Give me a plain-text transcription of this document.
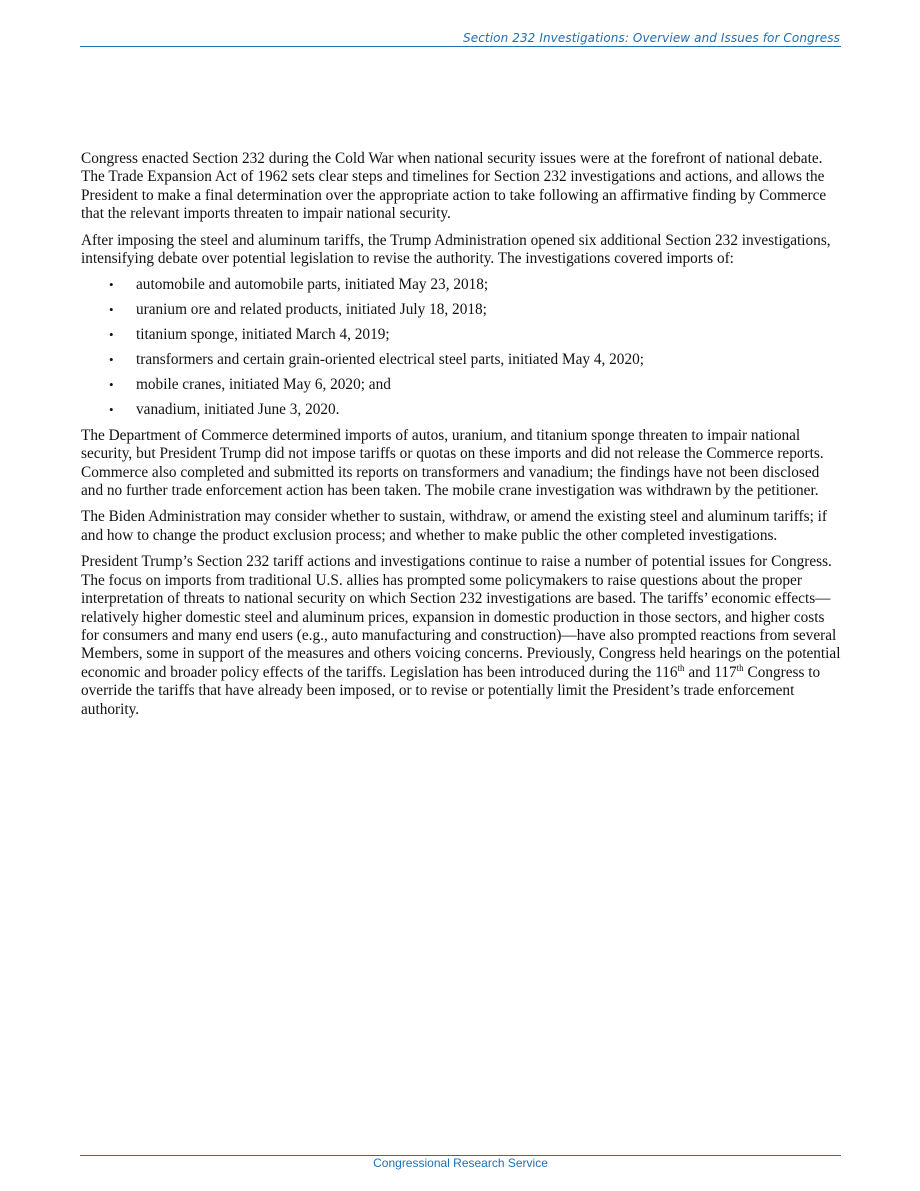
Section 232 Investigations: Overview and Issues for Congress

Congress enacted Section 232 during the Cold War when national security issues were at the forefront of national debate. The Trade Expansion Act of 1962 sets clear steps and timelines for Section 232 investigations and actions, and allows the President to make a final determination over the appropriate action to take following an affirmative finding by Commerce that the relevant imports threaten to impair national security.

After imposing the steel and aluminum tariffs, the Trump Administration opened six additional Section 232 investigations, intensifying debate over potential legislation to revise the authority. The investigations covered imports of:

• automobile and automobile parts, initiated May 23, 2018;
• uranium ore and related products, initiated July 18, 2018;
• titanium sponge, initiated March 4, 2019;
• transformers and certain grain-oriented electrical steel parts, initiated May 4, 2020;
• mobile cranes, initiated May 6, 2020; and
• vanadium, initiated June 3, 2020.

The Department of Commerce determined imports of autos, uranium, and titanium sponge threaten to impair national security, but President Trump did not impose tariffs or quotas on these imports and did not release the Commerce reports. Commerce also completed and submitted its reports on transformers and vanadium; the findings have not been disclosed and no further trade enforcement action has been taken. The mobile crane investigation was withdrawn by the petitioner.

The Biden Administration may consider whether to sustain, withdraw, or amend the existing steel and aluminum tariffs; if and how to change the product exclusion process; and whether to make public the other completed investigations.

President Trump’s Section 232 tariff actions and investigations continue to raise a number of potential issues for Congress. The focus on imports from traditional U.S. allies has prompted some policymakers to raise questions about the proper interpretation of threats to national security on which Section 232 investigations are based. The tariffs’ economic effects—relatively higher domestic steel and aluminum prices, expansion in domestic production in those sectors, and higher costs for consumers and many end users (e.g., auto manufacturing and construction)—have also prompted reactions from several Members, some in support of the measures and others voicing concerns. Previously, Congress held hearings on the potential economic and broader policy effects of the tariffs. Legislation has been introduced during the 116th and 117th Congress to override the tariffs that have already been imposed, or to revise or potentially limit the President’s trade enforcement authority.

Congressional Research Service
